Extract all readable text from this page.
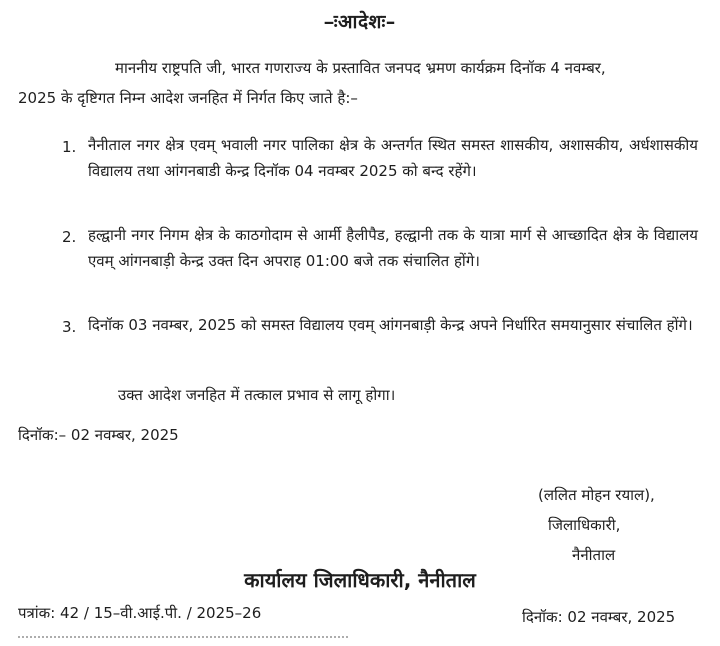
–ःआदेशः–
माननीय राष्ट्रपति जी, भारत गणराज्य के प्रस्तावित जनपद भ्रमण कार्यक्रम दिनॉक 4 नवम्बर,
2025 के दृष्टिगत निम्न आदेश जनहित में निर्गत किए जाते है:–
1. नैनीताल नगर क्षेत्र एवम् भवाली नगर पालिका क्षेत्र के अन्तर्गत स्थित समस्त शासकीय, अशासकीय, अर्धशासकीय विद्यालय तथा आंगनबाडी केन्द्र दिनॉक 04 नवम्बर 2025 को बन्द रहेंगे।
2. हल्द्वानी नगर निगम क्षेत्र के काठगोदाम से आर्मी हैलीपैड, हल्द्वानी तक के यात्रा मार्ग से आच्छादित क्षेत्र के विद्यालय एवम् आंगनबाड़ी केन्द्र उक्त दिन अपराह 01:00 बजे तक संचालित होंगे।
3. दिनॉक 03 नवम्बर, 2025 को समस्त विद्यालय एवम् आंगनबाड़ी केन्द्र अपने निर्धारित समयानुसार संचालित होंगे।
उक्त आदेश जनहित में तत्काल प्रभाव से लागू होगा।
दिनॉक:– 02 नवम्बर, 2025
(ललित मोहन रयाल),
जिलाधिकारी,
नैनीताल
कार्यालय जिलाधिकारी, नैनीताल
पत्रांक: 42 / 15–वी.आई.पी. / 2025–26	दिनॉक: 02 नवम्बर, 2025
